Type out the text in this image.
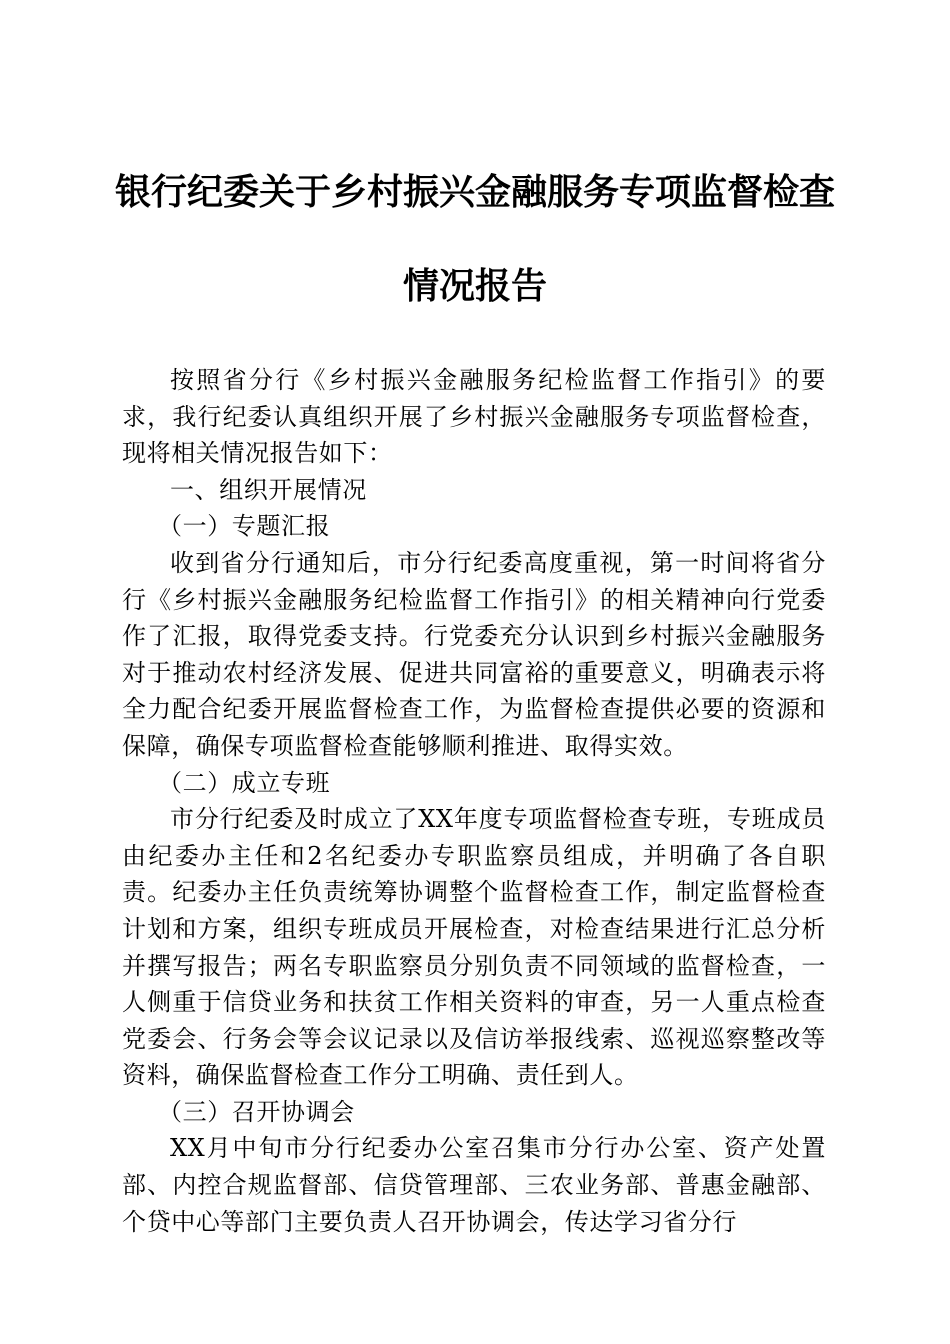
银行纪委关于乡村振兴金融服务专项监督检查
情况报告

按照省分行《乡村振兴金融服务纪检监督工作指引》的要求，我行纪委认真组织开展了乡村振兴金融服务专项监督检查，现将相关情况报告如下：

一、组织开展情况

（一）专题汇报

收到省分行通知后，市分行纪委高度重视，第一时间将省分行《乡村振兴金融服务纪检监督工作指引》的相关精神向行党委作了汇报，取得党委支持。行党委充分认识到乡村振兴金融服务对于推动农村经济发展、促进共同富裕的重要意义，明确表示将全力配合纪委开展监督检查工作，为监督检查提供必要的资源和保障，确保专项监督检查能够顺利推进、取得实效。

（二）成立专班

市分行纪委及时成立了XX年度专项监督检查专班，专班成员由纪委办主任和2名纪委办专职监察员组成，并明确了各自职责。纪委办主任负责统筹协调整个监督检查工作，制定监督检查计划和方案，组织专班成员开展检查，对检查结果进行汇总分析并撰写报告；两名专职监察员分别负责不同领域的监督检查，一人侧重于信贷业务和扶贫工作相关资料的审查，另一人重点检查党委会、行务会等会议记录以及信访举报线索、巡视巡察整改等资料，确保监督检查工作分工明确、责任到人。

（三）召开协调会

XX月中旬市分行纪委办公室召集市分行办公室、资产处置部、内控合规监督部、信贷管理部、三农业务部、普惠金融部、个贷中心等部门主要负责人召开协调会，传达学习省分行
